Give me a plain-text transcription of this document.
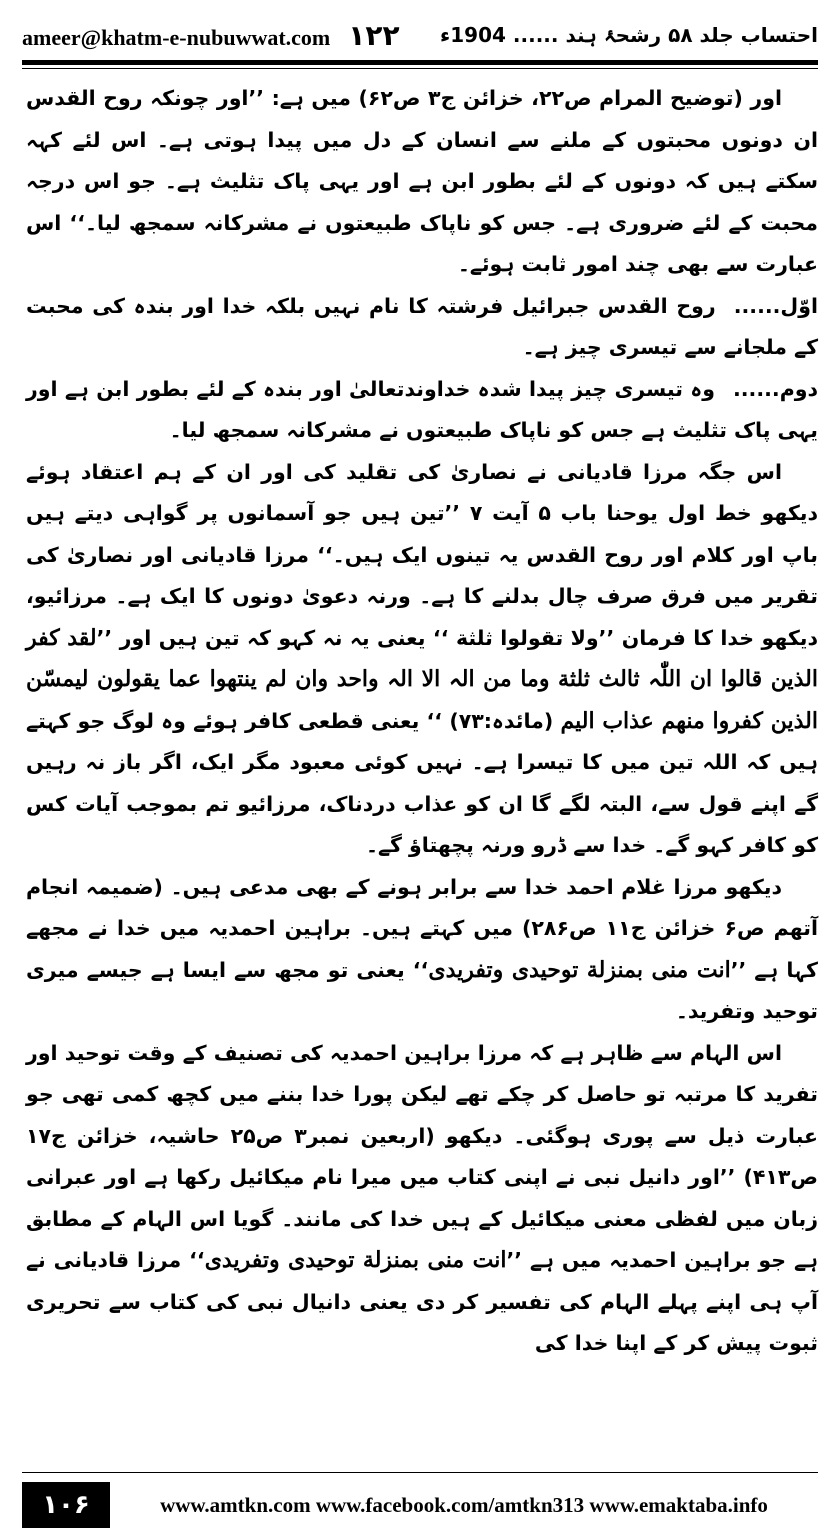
ameer@khatm-e-nubuwwat.com ۱۲۲ احتساب جلد ۵۸ رشحۂ ہند ...... 1904ء

اور (توضیح المرام ص۲۲، خزائن ج۳ ص۶۲) میں ہے: ’’اور چونکہ روح القدس ان دونوں محبتوں کے ملنے سے انسان کے دل میں پیدا ہوتی ہے۔ اس لئے کہہ سکتے ہیں کہ دونوں کے لئے بطور ابن ہے اور یہی پاک تثلیث ہے۔ جو اس درجہ محبت کے لئے ضروری ہے۔ جس کو ناپاک طبیعتوں نے مشرکانہ سمجھ لیا۔‘‘ اس عبارت سے بھی چند امور ثابت ہوئے۔

اوّل......روح القدس جبرائیل فرشتہ کا نام نہیں بلکہ خدا اور بندہ کی محبت کے ملجانے سے تیسری چیز ہے۔

دوم......وہ تیسری چیز پیدا شدہ خداوندتعالیٰ اور بندہ کے لئے بطور ابن ہے اور یہی پاک تثلیث ہے جس کو ناپاک طبیعتوں نے مشرکانہ سمجھ لیا۔

اس جگہ مرزا قادیانی نے نصاریٰ کی تقلید کی اور ان کے ہم اعتقاد ہوئے دیکھو خط اول یوحنا باب ۵ آیت ۷ ’’تین ہیں جو آسمانوں پر گواہی دیتے ہیں باپ اور کلام اور روح القدس یہ تینوں ایک ہیں۔‘‘ مرزا قادیانی اور نصاریٰ کی تقریر میں فرق صرف چال بدلنے کا ہے۔ ورنہ دعویٰ دونوں کا ایک ہے۔ مرزائیو، دیکھو خدا کا فرمان ’’ولا تقولوا ثلثة ‘‘ یعنی یہ نہ کہو کہ تین ہیں اور ’’لقد کفر الذین قالوا ان اللّٰہ ثالث ثلثة وما من الہ الا الہ واحد وان لم ینتھوا عما یقولون لیمسّن الذین کفروا منھم عذاب الیم (مائدہ:۷۳) ‘‘ یعنی قطعی کافر ہوئے وہ لوگ جو کہتے ہیں کہ اللہ تین میں کا تیسرا ہے۔ نہیں کوئی معبود مگر ایک، اگر باز نہ رہیں گے اپنے قول سے، البتہ لگے گا ان کو عذاب دردناک، مرزائیو تم بموجب آیات کس کو کافر کہو گے۔ خدا سے ڈرو ورنہ پچھتاؤ گے۔

دیکھو مرزا غلام احمد خدا سے برابر ہونے کے بھی مدعی ہیں۔ (ضمیمہ انجام آتھم ص۶ خزائن ج۱۱ ص۲۸۶) میں کہتے ہیں۔ براہین احمدیہ میں خدا نے مجھے کہا ہے ’’انت منی بمنزلة توحیدی وتفریدی‘‘ یعنی تو مجھ سے ایسا ہے جیسے میری توحید وتفرید۔

اس الہام سے ظاہر ہے کہ مرزا براہین احمدیہ کی تصنیف کے وقت توحید اور تفرید کا مرتبہ تو حاصل کر چکے تھے لیکن پورا خدا بننے میں کچھ کمی تھی جو عبارت ذیل سے پوری ہوگئی۔ دیکھو (اربعین نمبر۳ ص۲۵ حاشیہ، خزائن ج۱۷ ص۴۱۳) ’’اور دانیل نبی نے اپنی کتاب میں میرا نام میکائیل رکھا ہے اور عبرانی زبان میں لفظی معنی میکائیل کے ہیں خدا کی مانند۔ گویا اس الہام کے مطابق ہے جو براہین احمدیہ میں ہے ’’انت منی بمنزلة توحیدی وتفریدی‘‘ مرزا قادیانی نے آپ ہی اپنے پہلے الہام کی تفسیر کر دی یعنی دانیال نبی کی کتاب سے تحریری ثبوت پیش کر کے اپنا خدا کی

۱۰۶	www.amtkn.com www.facebook.com/amtkn313 www.emaktaba.info
